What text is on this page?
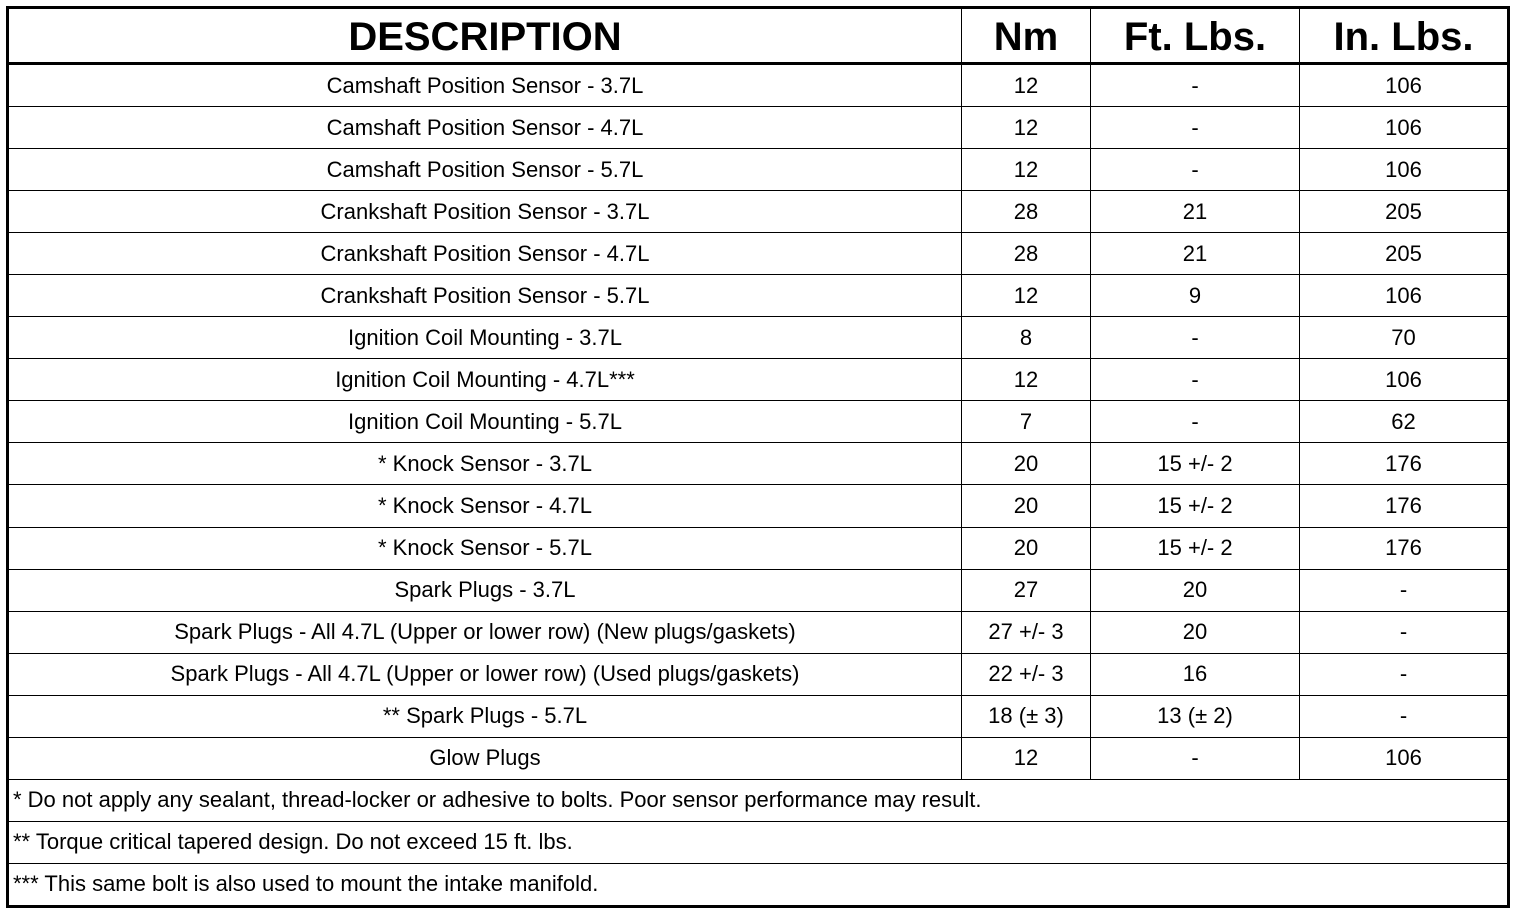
DESCRIPTION	Nm	Ft. Lbs.	In. Lbs.
Camshaft Position Sensor - 3.7L	12	-	106
Camshaft Position Sensor - 4.7L	12	-	106
Camshaft Position Sensor - 5.7L	12	-	106
Crankshaft Position Sensor - 3.7L	28	21	205
Crankshaft Position Sensor - 4.7L	28	21	205
Crankshaft Position Sensor - 5.7L	12	9	106
Ignition Coil Mounting - 3.7L	8	-	70
Ignition Coil Mounting - 4.7L***	12	-	106
Ignition Coil Mounting - 5.7L	7	-	62
* Knock Sensor - 3.7L	20	15 +/- 2	176
* Knock Sensor - 4.7L	20	15 +/- 2	176
* Knock Sensor - 5.7L	20	15 +/- 2	176
Spark Plugs - 3.7L	27	20	-
Spark Plugs - All 4.7L (Upper or lower row) (New plugs/gaskets)	27 +/- 3	20	-
Spark Plugs - All 4.7L (Upper or lower row) (Used plugs/gaskets)	22 +/- 3	16	-
** Spark Plugs - 5.7L	18 (± 3)	13 (± 2)	-
Glow Plugs	12	-	106
* Do not apply any sealant, thread-locker or adhesive to bolts. Poor sensor performance may result.			
** Torque critical tapered design. Do not exceed 15 ft. lbs.			
*** This same bolt is also used to mount the intake manifold.			
